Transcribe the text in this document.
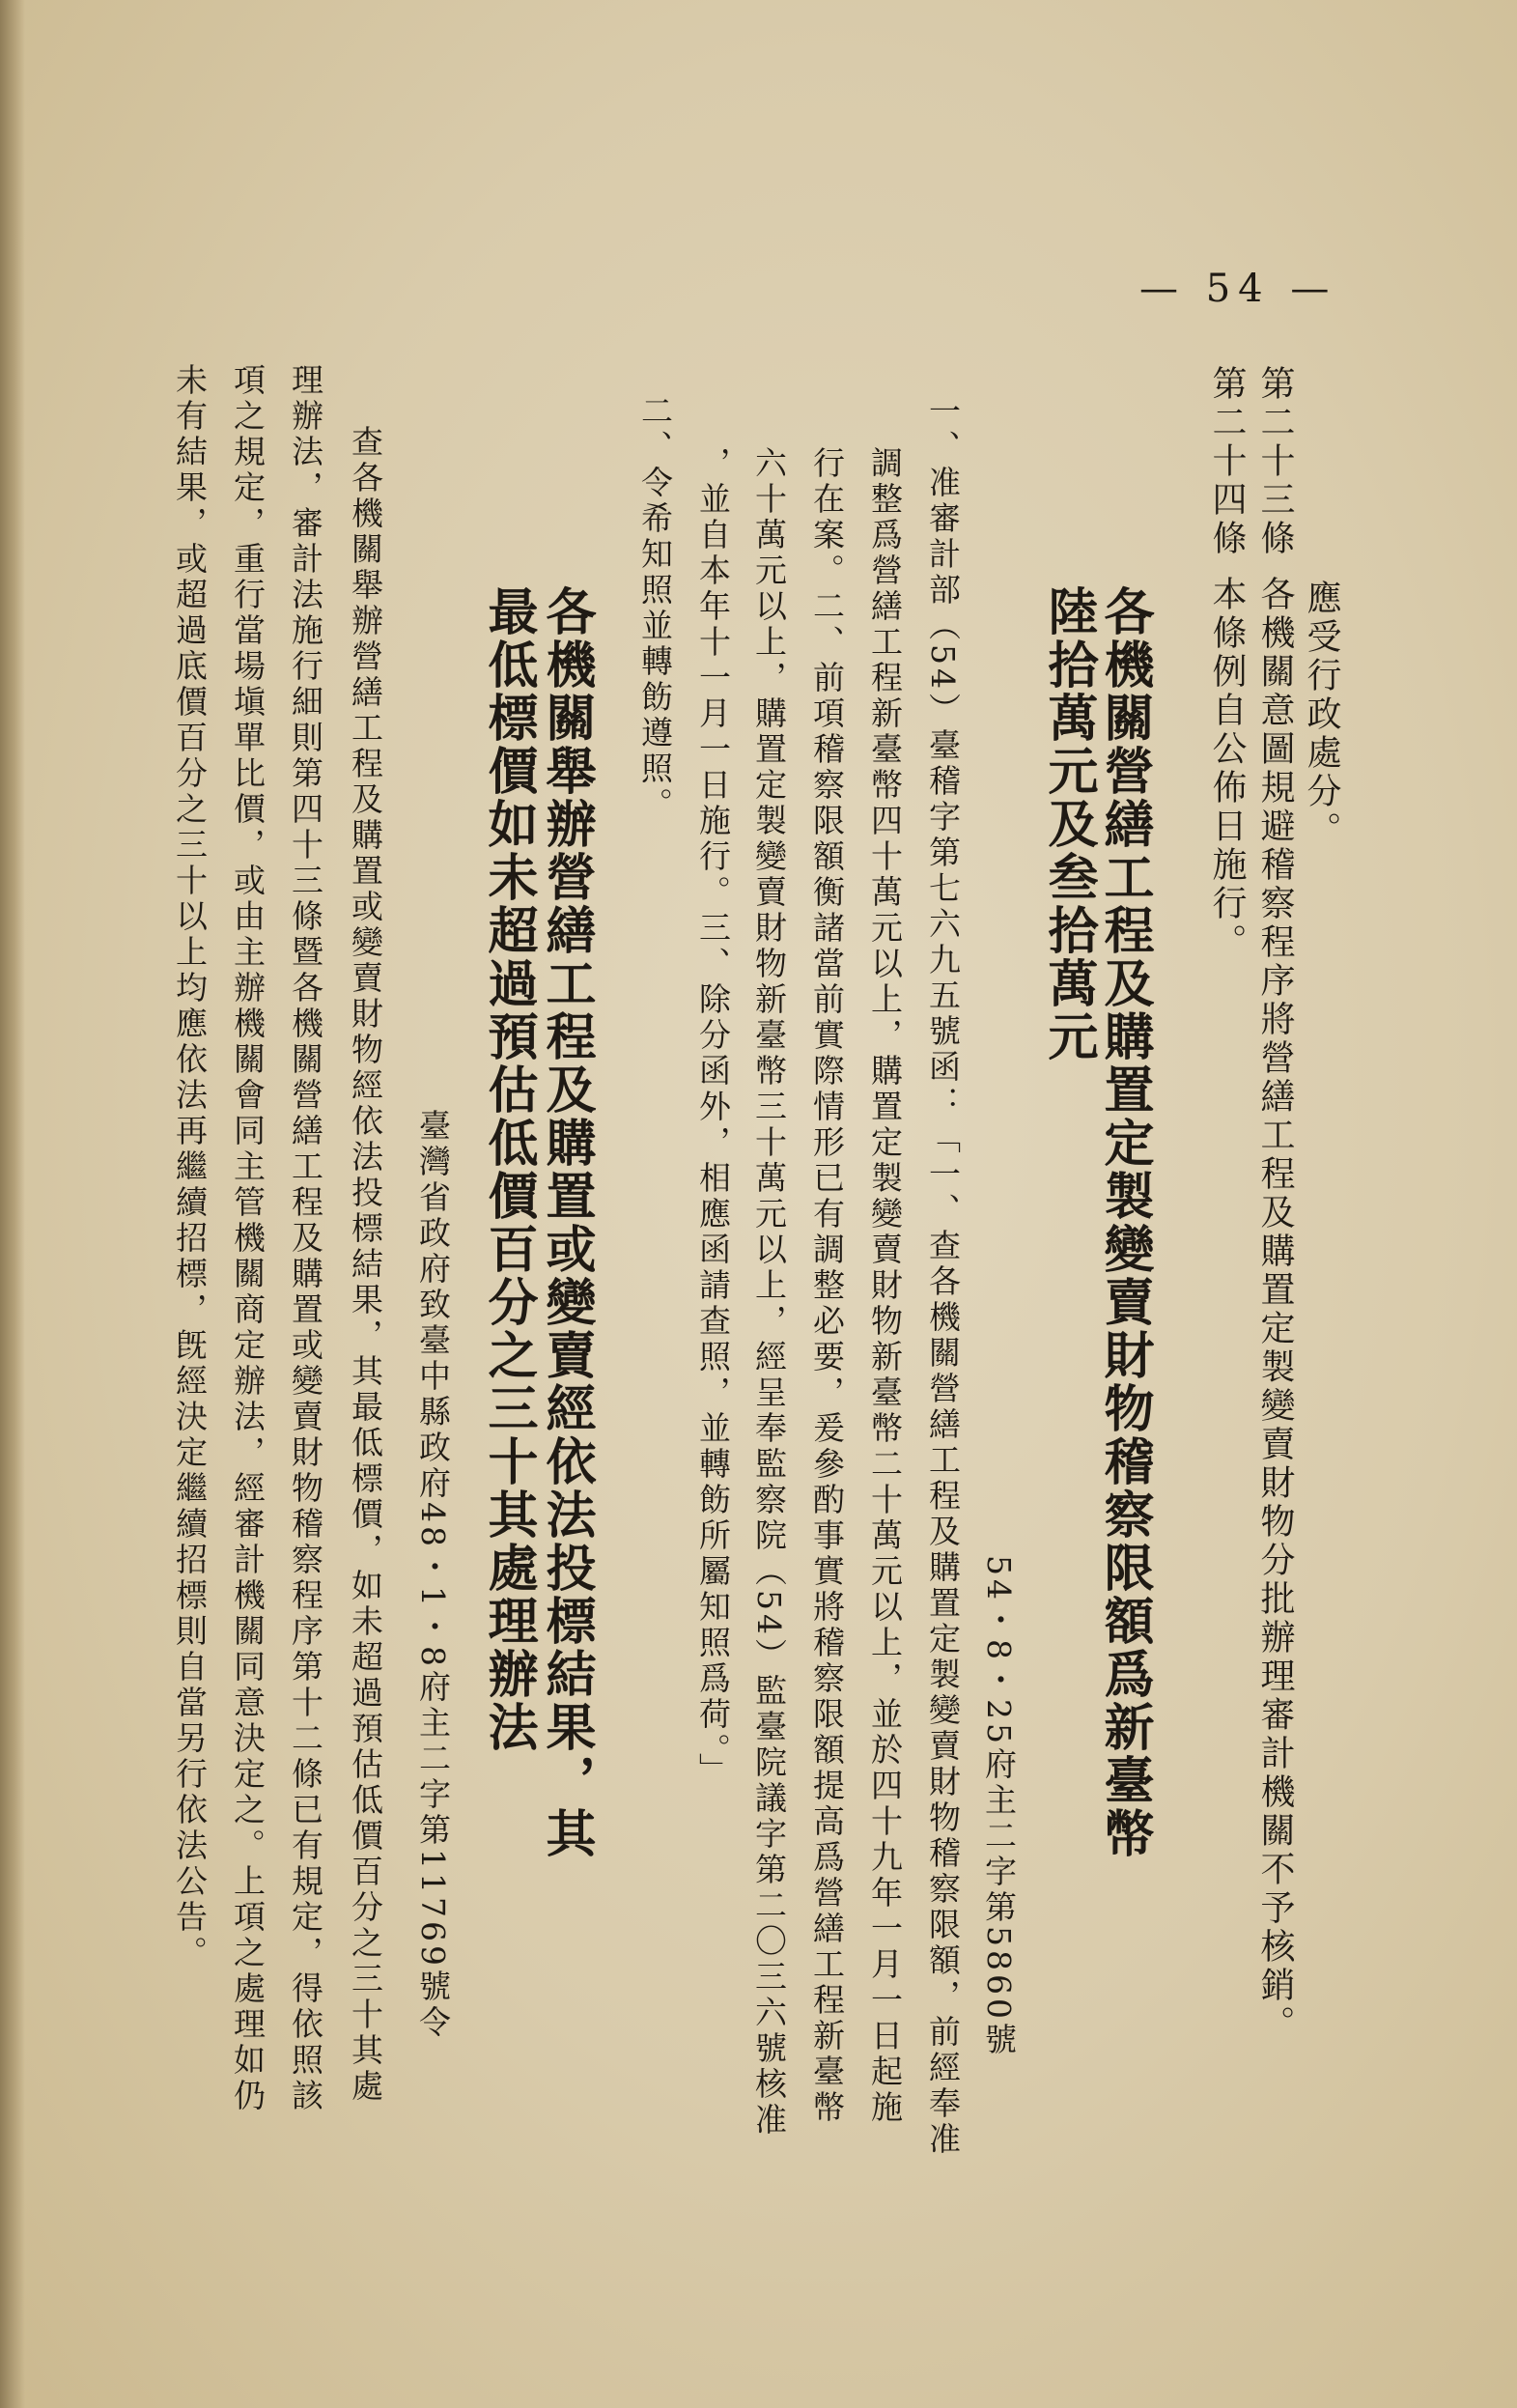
— 54 —
應受行政處分。
第二十三條各機關意圖規避稽察程序將營繕工程及購置定製變賣財物分批辦理審計機關不予核銷。
第二十四條本條例自公佈日施行。
各機關營繕工程及購置定製變賣財物稽察限額爲新臺幣
陸拾萬元及叁拾萬元
54・8・25府主二字第5860號
一、准審計部（54）臺稽字第七六九五號函：「一、查各機關營繕工程及購置定製變賣財物稽察限額，前經奉准
調整爲營繕工程新臺幣四十萬元以上，購置定製變賣財物新臺幣二十萬元以上，並於四十九年一月一日起施
行在案。二、前項稽察限額衡諸當前實際情形已有調整必要，爰參酌事實將稽察限額提高爲營繕工程新臺幣
六十萬元以上，購置定製變賣財物新臺幣三十萬元以上，經呈奉監察院（54）監臺院議字第二〇三六號核准
，並自本年十一月一日施行。三、除分函外，相應函請查照，並轉飭所屬知照爲荷。」
二、令希知照並轉飭遵照。
各機關舉辦營繕工程及購置或變賣經依法投標結果，其
最低標價如未超過預估低價百分之三十其處理辦法
臺灣省政府致臺中縣政府48・1・8府主二字第11769號令
查各機關舉辦營繕工程及購置或變賣財物經依法投標結果，其最低標價，如未超過預估低價百分之三十其處
理辦法，審計法施行細則第四十三條暨各機關營繕工程及購置或變賣財物稽察程序第十二條已有規定，得依照該
項之規定，重行當場塡單比價，或由主辦機關會同主管機關商定辦法，經審計機關同意決定之。上項之處理如仍
未有結果，或超過底價百分之三十以上均應依法再繼續招標，旣經決定繼續招標則自當另行依法公告。
